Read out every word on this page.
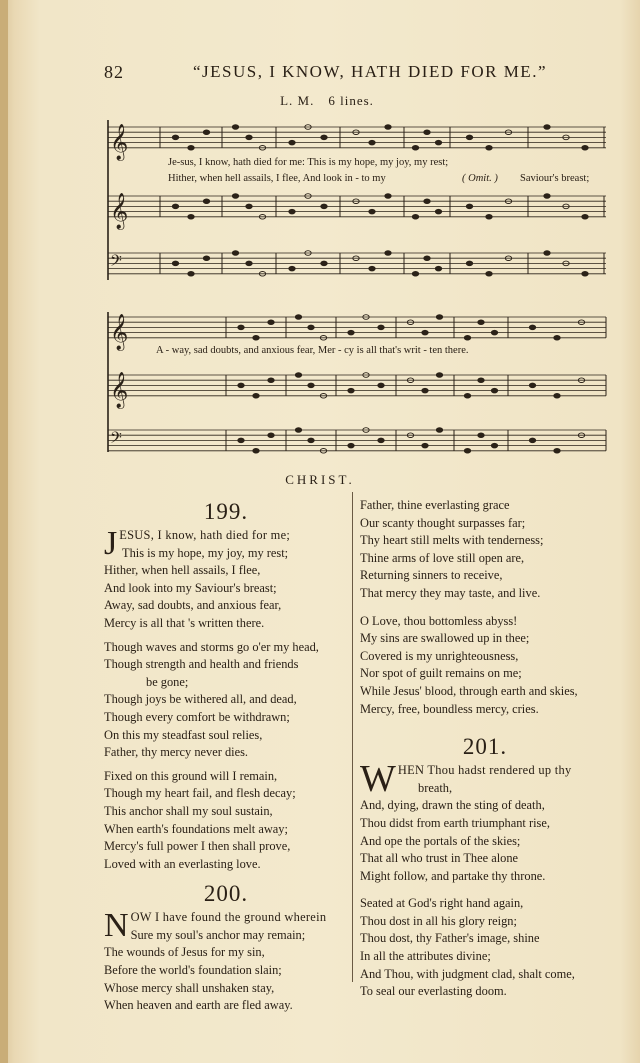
82	“JESUS, I KNOW, HATH DIED FOR ME.”
L. M. 6 lines.
𝄞
𝄞
𝄢
𝄞
𝄞
𝄢
Je-sus, I know, hath died for me: This is my hope, my joy, my rest;
Hither, when hell assails, I flee, And look in - to my	( Omit. ) Saviour's breast;
A - way, sad doubts, and anxious fear, Mer - cy is all that's writ - ten there.
CHRIST.
199.
J ESUS, I know, hath died for me;
This is my hope, my joy, my rest;
Hither, when hell assails, I flee,
And look into my Saviour's breast;
Away, sad doubts, and anxious fear,
Mercy is all that 's written there.
Though waves and storms go o'er my head,
Though strength and health and friends
be gone;
Though joys be withered all, and dead,
Though every comfort be withdrawn;
On this my steadfast soul relies,
Father, thy mercy never dies.
Fixed on this ground will I remain,
Though my heart fail, and flesh decay;
This anchor shall my soul sustain,
When earth's foundations melt away;
Mercy's full power I then shall prove,
Loved with an everlasting love.
200.
N OW I have found the ground wherein
Sure my soul's anchor may remain;
The wounds of Jesus for my sin,
Before the world's foundation slain;
Whose mercy shall unshaken stay,
When heaven and earth are fled away.
Father, thine everlasting grace
Our scanty thought surpasses far;
Thy heart still melts with tenderness;
Thine arms of love still open are,
Returning sinners to receive,
That mercy they may taste, and live.
O Love, thou bottomless abyss!
My sins are swallowed up in thee;
Covered is my unrighteousness,
Nor spot of guilt remains on me;
While Jesus' blood, through earth and skies,
Mercy, free, boundless mercy, cries.
201.
W HEN Thou hadst rendered up thy
breath,
And, dying, drawn the sting of death,
Thou didst from earth triumphant rise,
And ope the portals of the skies;
That all who trust in Thee alone
Might follow, and partake thy throne.
Seated at God's right hand again,
Thou dost in all his glory reign;
Thou dost, thy Father's image, shine
In all the attributes divine;
And Thou, with judgment clad, shalt come,
To seal our everlasting doom.
